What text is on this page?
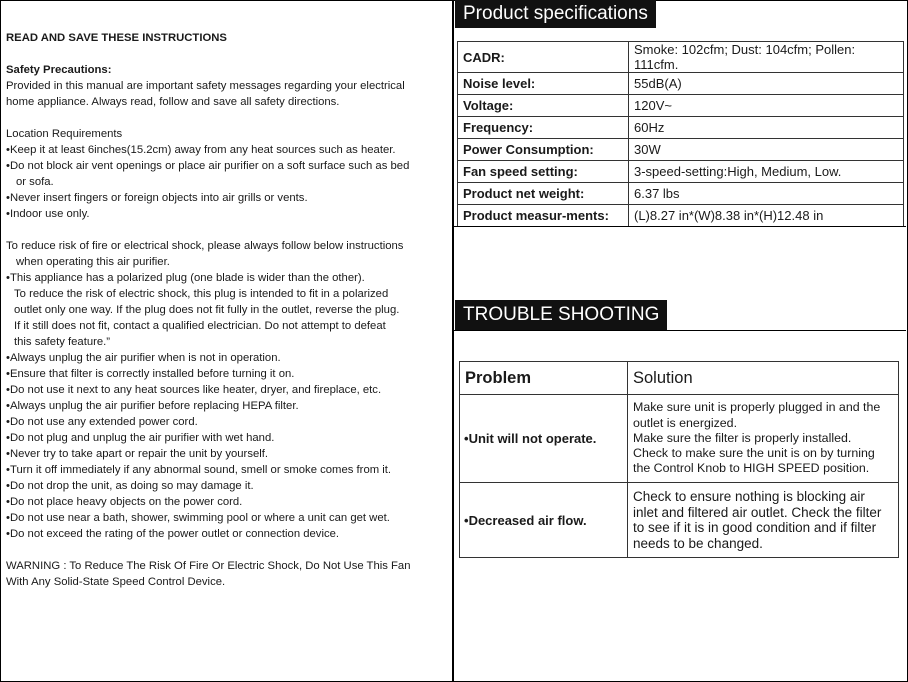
READ AND SAVE THESE INSTRUCTIONS
Safety Precautions:
Provided in this manual are important safety messages regarding your electrical
home appliance. Always read, follow and save all safety directions.
Location Requirements
• Keep it at least 6inches(15.2cm) away from any heat sources such as heater.
• Do not block air vent openings or place air purifier on a soft surface such as bed
or sofa.
• Never insert fingers or foreign objects into air grills or vents.
• Indoor use only.
To reduce risk of fire or electrical shock, please always follow below instructions
when operating this air purifier.
• This appliance has a polarized plug (one blade is wider than the other).
To reduce the risk of electric shock, this plug is intended to fit in a polarized
outlet only one way. If the plug does not fit fully in the outlet, reverse the plug.
If it still does not fit, contact a qualified electrician. Do not attempt to defeat
this safety feature.”
• Always unplug the air purifier when is not in operation.
• Ensure that filter is correctly installed before turning it on.
• Do not use it next to any heat sources like heater, dryer, and fireplace, etc.
• Always unplug the air purifier before replacing HEPA filter.
• Do not use any extended power cord.
• Do not plug and unplug the air purifier with wet hand.
• Never try to take apart or repair the unit by yourself.
• Turn it off immediately if any abnormal sound, smell or smoke comes from it.
• Do not drop the unit, as doing so may damage it.
• Do not place heavy objects on the power cord.
• Do not use near a bath, shower, swimming pool or where a unit can get wet.
• Do not exceed the rating of the power outlet or connection device.
WARNING : To Reduce The Risk Of Fire Or Electric Shock, Do Not Use This Fan
With Any Solid-State Speed Control Device.
Product specifications
CADR:	Smoke: 102cfm; Dust: 104cfm; Pollen: 111cfm.
Noise level:	55dB(A)
Voltage:	120V~
Frequency:	60Hz
Power Consumption:	30W
Fan speed setting:	3-speed-setting:High, Medium, Low.
Product net weight:	6.37 lbs
Product measur-ments:	(L)8.27 in*(W)8.38 in*(H)12.48 in
TROUBLE SHOOTING
Problem	Solution
• Unit will not operate.	Make sure unit is properly plugged in and the
outlet is energized.
Make sure the filter is properly installed.
Check to make sure the unit is on by turning
the Control Knob to HIGH SPEED position.

• Decreased air flow.	Check to ensure nothing is blocking air
inlet and filtered air outlet. Check the filter
to see if it is in good condition and if filter
needs to be changed.
